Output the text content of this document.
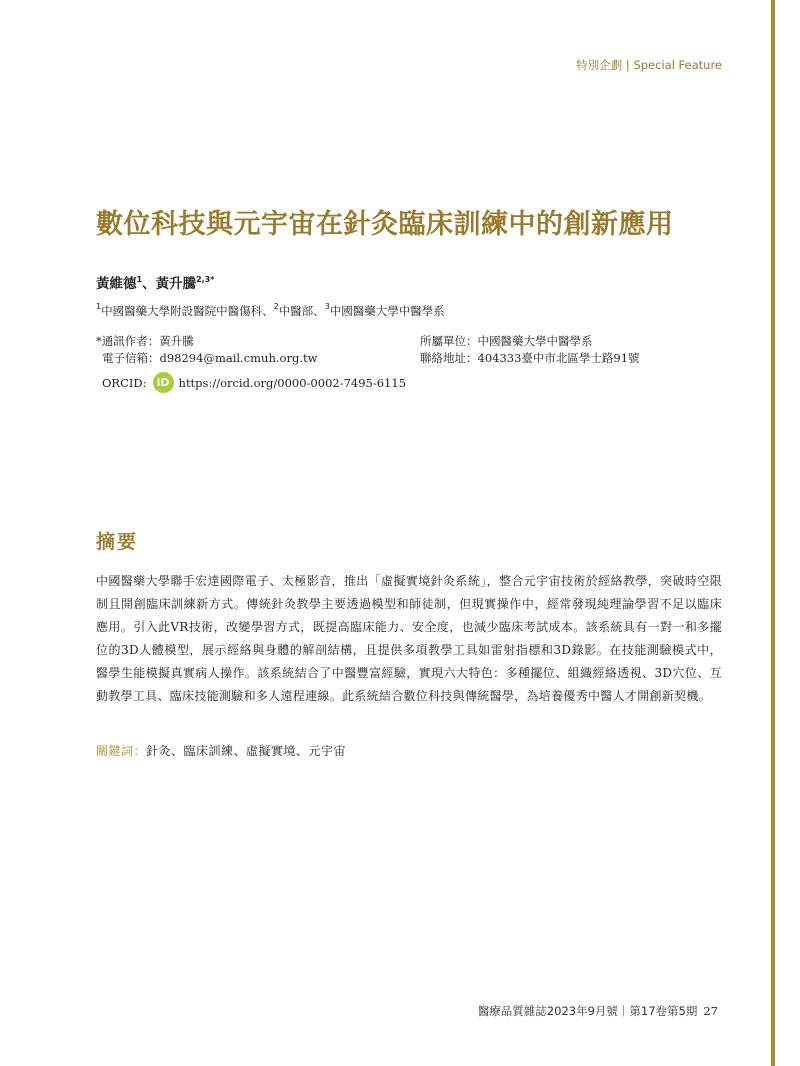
特別企劃 | Special Feature
數位科技與元宇宙在針灸臨床訓練中的創新應用
黃維德$^1$、黃升騰$^{2,3*}$
$^1$中國醫藥大學附設醫院中醫傷科、$^2$中醫部、$^3$中國醫藥大學中醫學系
*通訊作者：黃升騰
電子信箱：d98294@mail.cmuh.org.tw
所屬單位：中國醫藥大學中醫學系
聯絡地址：404333臺中市北區學士路91號
ORCID: iD https://orcid.org/0000-0002-7495-6115
摘要

中國醫藥大學聯手宏達國際電子、太極影音，推出「虛擬實境針灸系統」，整合元宇宙技術於經絡教學，突破時空限制且開創臨床訓練新方式。傳統針灸教學主要透過模型和師徒制，但現實操作中，經常發現純理論學習不足以臨床應用。引入此VR技術，改變學習方式，既提高臨床能力、安全度，也減少臨床考試成本。該系統具有一對一和多擺位的3D人體模型，展示經絡與身體的解剖結構，且提供多項教學工具如雷射指標和3D錄影。在技能測驗模式中，醫學生能模擬真實病人操作。該系統結合了中醫豐富經驗，實現六大特色：多種擺位、組織經絡透視、3D穴位、互動教學工具、臨床技能測驗和多人遠程連線。此系統結合數位科技與傳統醫學，為培養優秀中醫人才開創新契機。

關鍵詞：針灸、臨床訓練、虛擬實境、元宇宙
醫療品質雜誌2023年9月號｜第17卷第5期 27
